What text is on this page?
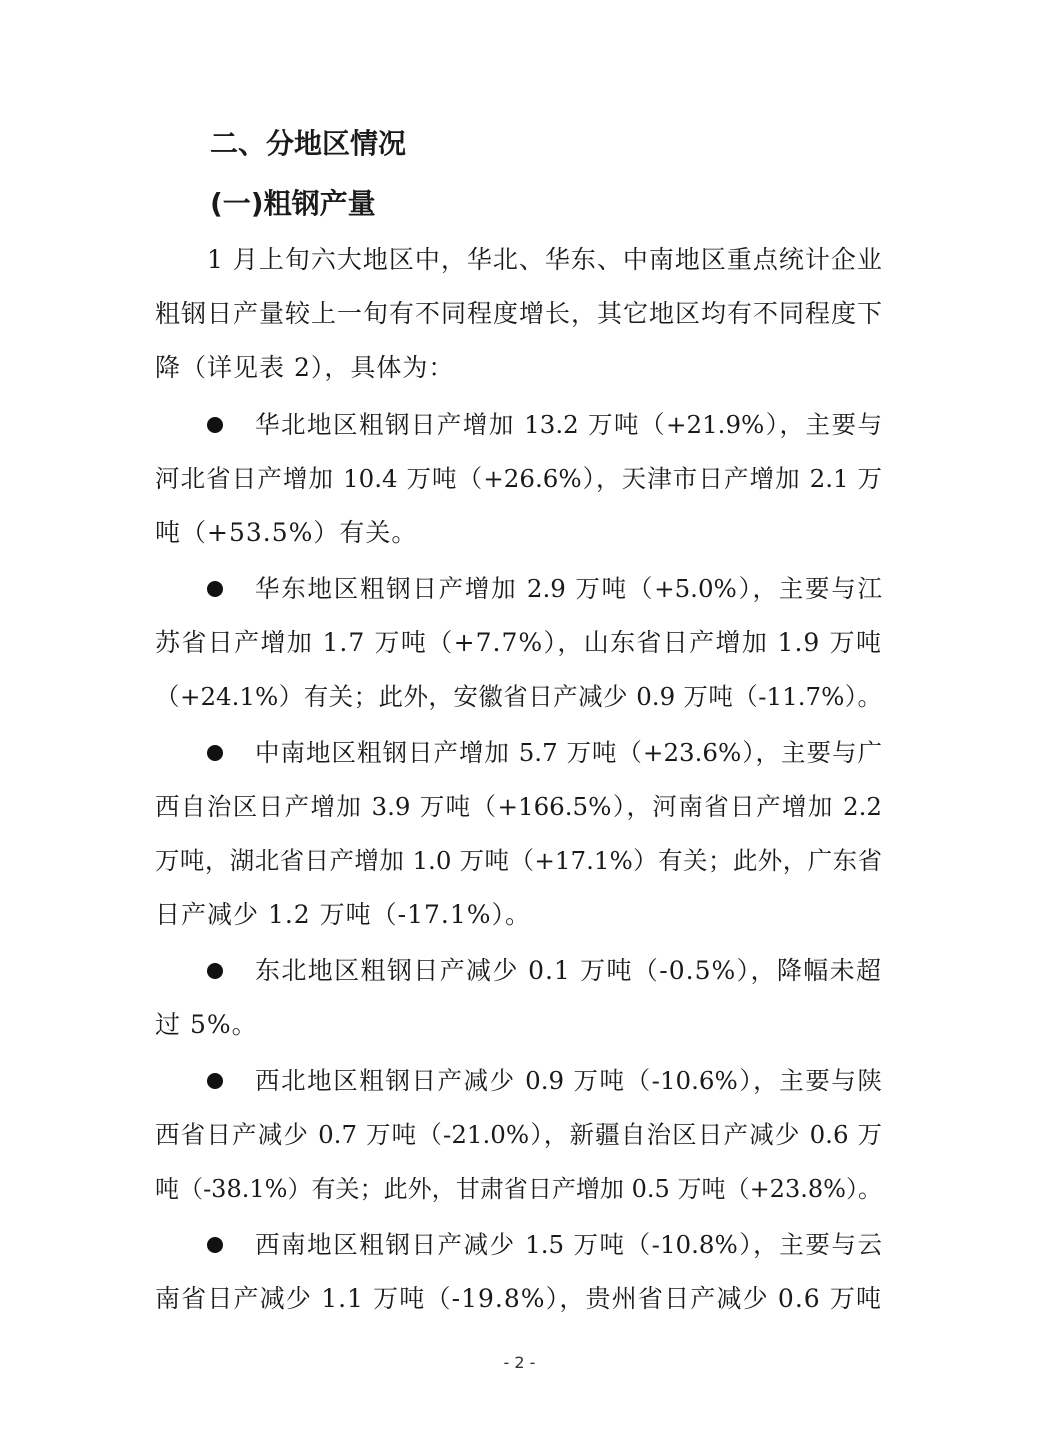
二、分地区情况
(一)粗钢产量
1 月上旬六大地区中，华北、华东、中南地区重点统计企业
粗钢日产量较上一旬有不同程度增长，其它地区均有不同程度下
降（详见表 2），具体为：
华北地区粗钢日产增加 13.2 万吨（+21.9%），主要与
河北省日产增加 10.4 万吨（+26.6%），天津市日产增加 2.1 万
吨（+53.5%）有关。
华东地区粗钢日产增加 2.9 万吨（+5.0%），主要与江
苏省日产增加 1.7 万吨（+7.7%），山东省日产增加 1.9 万吨
（+24.1%）有关；此外，安徽省日产减少 0.9 万吨（-11.7%）。
中南地区粗钢日产增加 5.7 万吨（+23.6%），主要与广
西自治区日产增加 3.9 万吨（+166.5%），河南省日产增加 2.2
万吨，湖北省日产增加 1.0 万吨（+17.1%）有关；此外，广东省
日产减少 1.2 万吨（-17.1%）。
东北地区粗钢日产减少 0.1 万吨（-0.5%），降幅未超
过 5%。
西北地区粗钢日产减少 0.9 万吨（-10.6%），主要与陕
西省日产减少 0.7 万吨（-21.0%），新疆自治区日产减少 0.6 万
吨（-38.1%）有关；此外，甘肃省日产增加 0.5 万吨（+23.8%）。
西南地区粗钢日产减少 1.5 万吨（-10.8%），主要与云
南省日产减少 1.1 万吨（-19.8%），贵州省日产减少 0.6 万吨
- 2 -
